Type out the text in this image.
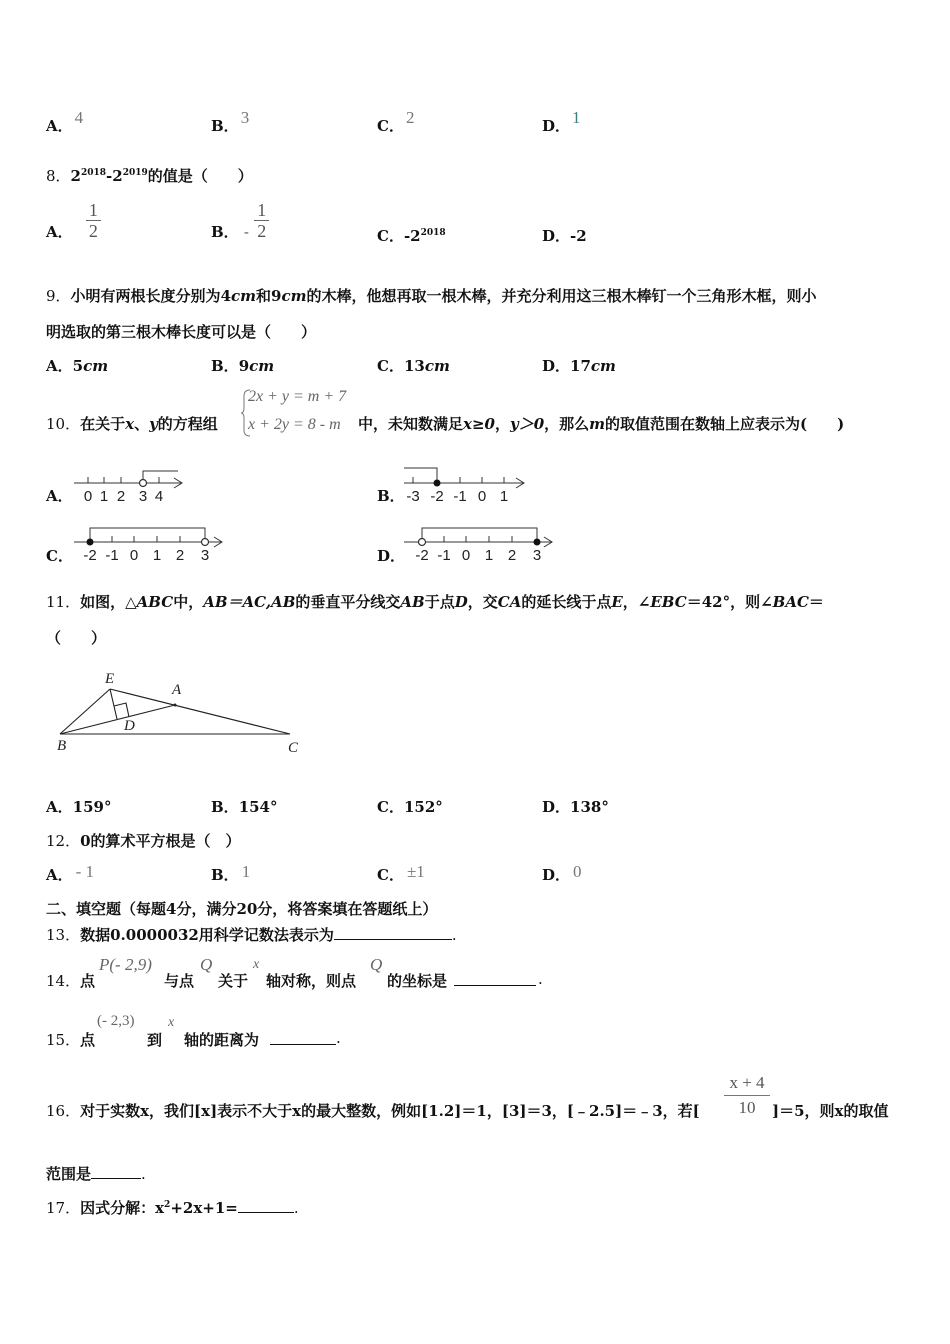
A． 4	B． 3	C． 2	D． 1
8．$2^{2018}-2^{2019}$的值是（　　）
A． $\frac{1}{2}$	B． - $\frac{1}{2}$	C．$-2^{2018}$	D．-2
9．小明有两根长度分别为4cm和9cm的木棒，他想再取一根木棒，并充分利用这三根木棒钉一个三角形木框，则小
明选取的第三根木棒长度可以是（　　）
A．5cm	B．9cm	C．13cm	D．17cm
10．在关于x、y的方程组
2x + y = m + 7
x + 2y = 8 - m 中，未知数满足x≥0，y＞0，那么m的取值范围在数轴上应表示为(　　)
A． 0 1 2 3 4	B． -3 -2 -1 0 1
C． -2 -1 0 1 2 3	D． -2 -1 0 1 2 3
11．如图，△ABC中，AB＝AC,AB的垂直平分线交AB于点D，交CA的延长线于点E，∠EBC＝42°，则∠BAC＝
（　　）
E
A
D
B	C
A．159°	B．154°	C．152°	D．138°
12．0的算术平方根是（　）
A． - 1	B． 1	C． ±1	D． 0
二、填空题（每题4分，满分20分，将答案填在答题纸上）
13．数据0.0000032用科学记数法表示为	.
14． 点
P(- 2,9)
与点
Q
关于
x
轴对称，则点
Q
的坐标是	.
15． 点
(- 2,3)
到
x
轴的距离为	.
16．对于实数x，我们[x]表示不大于x的最大整数，例如[1.2]＝1，[3]＝3，[﹣2.5]＝﹣3，若[ $\frac{x + 4}{10} ]=5$，则x的取值
范围是	.
17．因式分解：$x^2+2x+1=$	.
